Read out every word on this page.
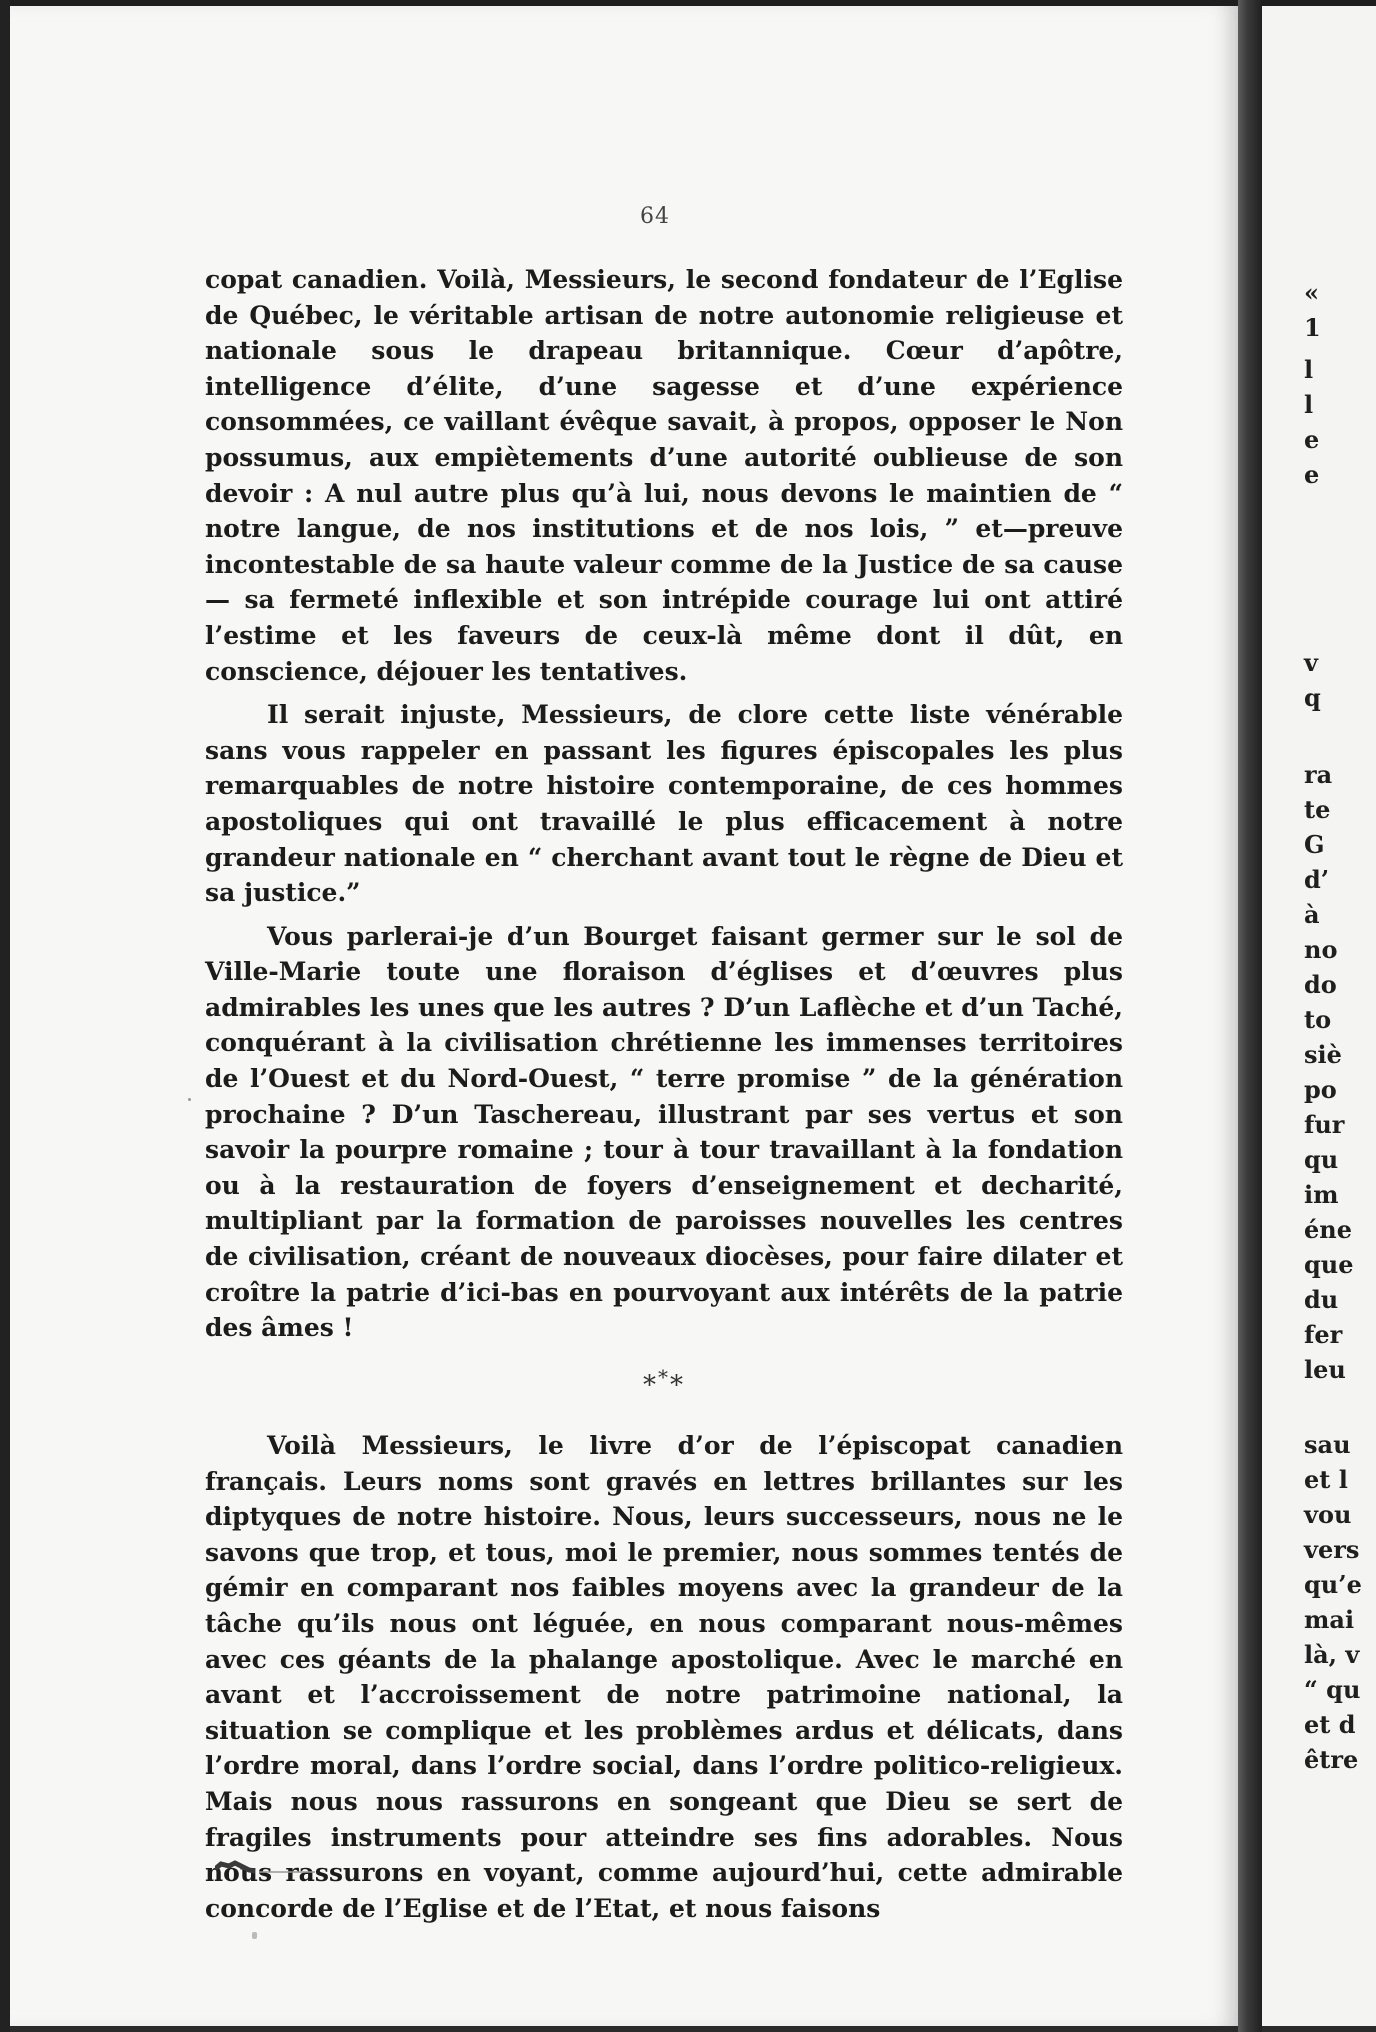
64

copat canadien. Voilà, Messieurs, le second fondateur de l’Eglise de Québec, le véritable artisan de notre autonomie religieuse et nationale sous le drapeau britannique. Cœur d’apôtre, intelligence d’élite, d’une sagesse et d’une expérience consommées, ce vaillant évêque savait, à propos, opposer le Non possumus, aux empiètements d’une autorité oublieuse de son devoir : A nul autre plus qu’à lui, nous devons le maintien de “ notre langue, de nos institutions et de nos lois, ” et—preuve incontestable de sa haute valeur comme de la Justice de sa cause — sa fermeté inflexible et son intrépide courage lui ont attiré l’estime et les faveurs de ceux-là même dont il dût, en conscience, déjouer les tentatives.

Il serait injuste, Messieurs, de clore cette liste vénérable sans vous rappeler en passant les figures épiscopales les plus remarquables de notre histoire contemporaine, de ces hommes apostoliques qui ont travaillé le plus efficacement à notre grandeur nationale en “ cherchant avant tout le règne de Dieu et sa justice.”

Vous parlerai-je d’un Bourget faisant germer sur le sol de Ville-Marie toute une floraison d’églises et d’œuvres plus admirables les unes que les autres ? D’un Laflèche et d’un Taché, conquérant à la civilisation chrétienne les immenses territoires de l’Ouest et du Nord-Ouest, “ terre promise ” de la génération prochaine ? D’un Taschereau, illustrant par ses vertus et son savoir la pourpre romaine ; tour à tour travaillant à la fondation ou à la restauration de foyers d’enseignement et decharité, multipliant par la formation de paroisses nouvelles les centres de civilisation, créant de nouveaux diocèses, pour faire dilater et croître la patrie d’ici-bas en pourvoyant aux intérêts de la patrie des âmes !

***

Voilà Messieurs, le livre d’or de l’épiscopat canadien français. Leurs noms sont gravés en lettres brillantes sur les diptyques de notre histoire. Nous, leurs successeurs, nous ne le savons que trop, et tous, moi le premier, nous sommes tentés de gémir en comparant nos faibles moyens avec la grandeur de la tâche qu’ils nous ont léguée, en nous comparant nous-mêmes avec ces géants de la phalange apostolique. Avec le marché en avant et l’accroissement de notre patrimoine national, la situation se complique et les problèmes ardus et délicats, dans l’ordre moral, dans l’ordre social, dans l’ordre politico-religieux. Mais nous nous rassurons en songeant que Dieu se sert de fragiles instruments pour atteindre ses fins adorables. Nous nous rassurons en voyant, comme aujourd’hui, cette admirable concorde de l’Eglise et de l’Etat, et nous faisons

«
1
l
l
e
e
v
q
ra
te
G
d’
à
no
do
to
siè
po
fur
qu
im
éne
que
du
fer
leu
sau
et l
vou
vers
qu’e
mai
là, v
“ qu
et d
être
